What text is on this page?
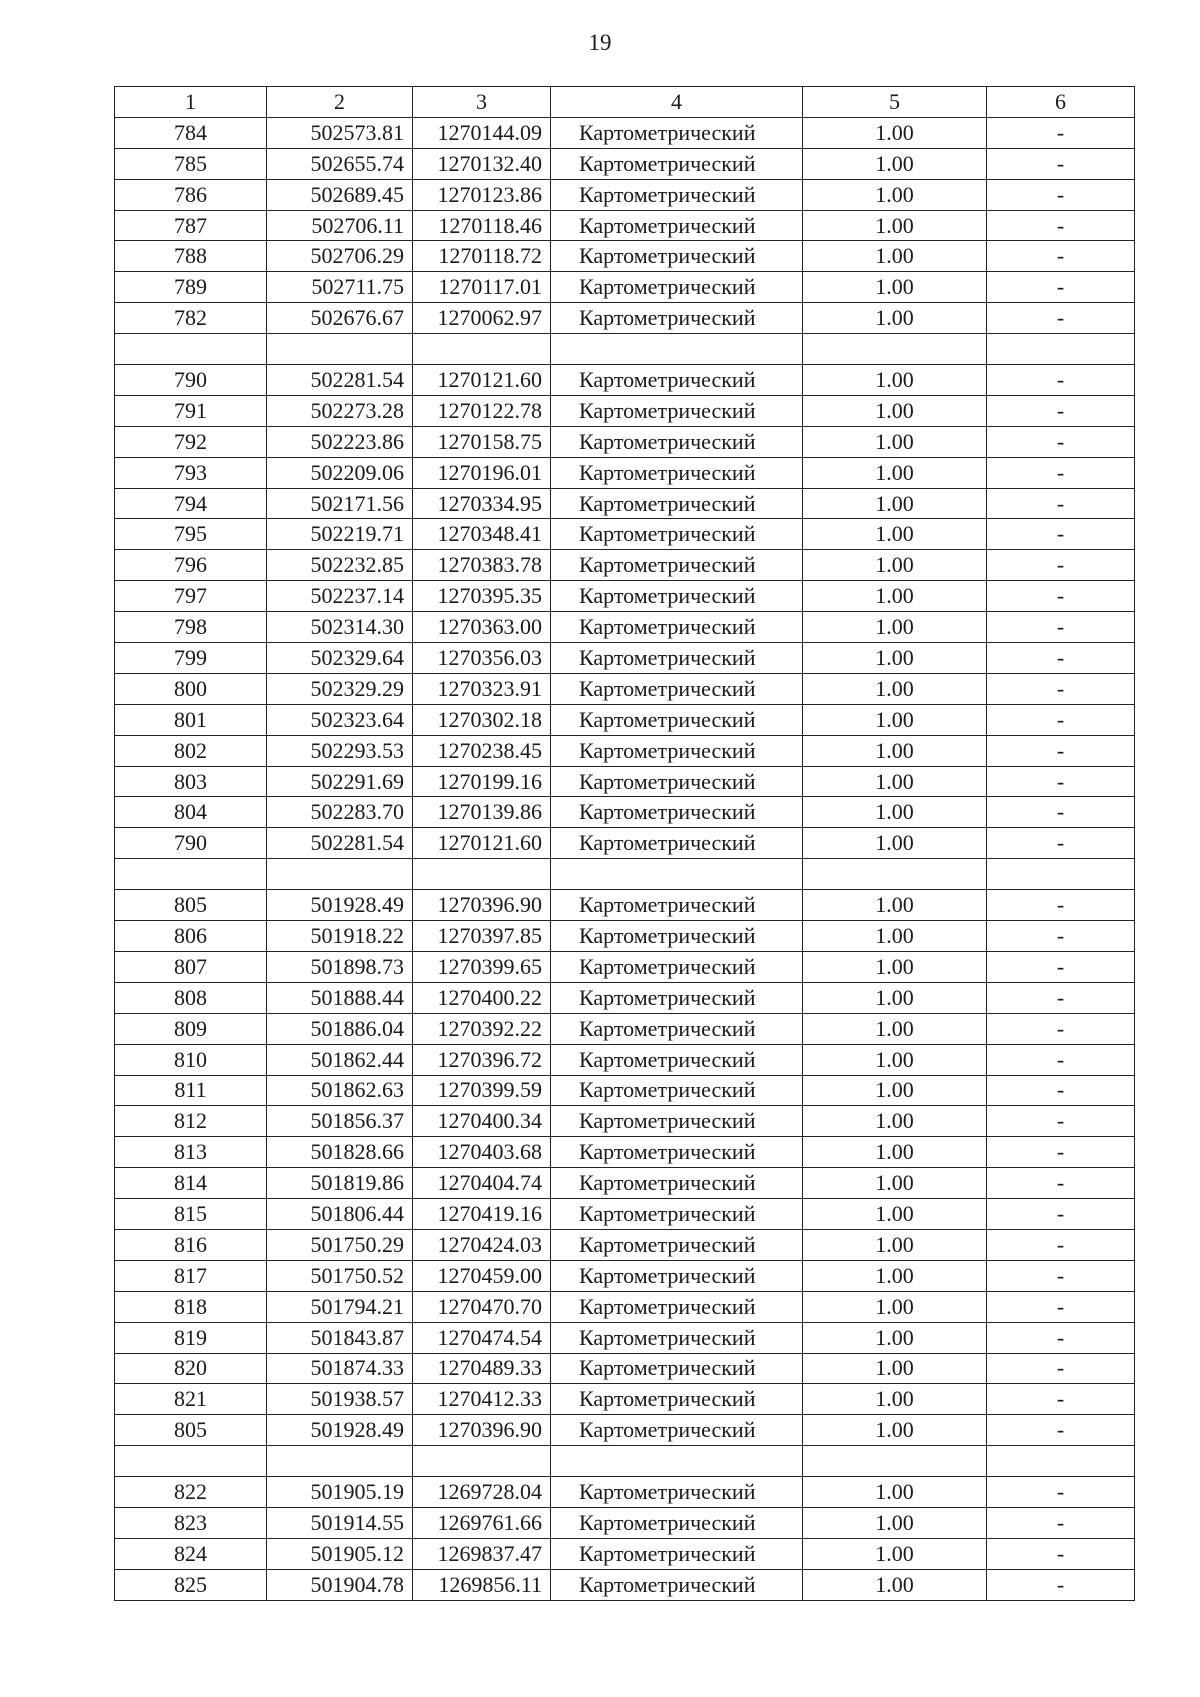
19
1	2	3	4	5	6
784	502573.81	1270144.09	Картометрический	1.00	-
785	502655.74	1270132.40	Картометрический	1.00	-
786	502689.45	1270123.86	Картометрический	1.00	-
787	502706.11	1270118.46	Картометрический	1.00	-
788	502706.29	1270118.72	Картометрический	1.00	-
789	502711.75	1270117.01	Картометрический	1.00	-
782	502676.67	1270062.97	Картометрический	1.00	-

790	502281.54	1270121.60	Картометрический	1.00	-
791	502273.28	1270122.78	Картометрический	1.00	-
792	502223.86	1270158.75	Картометрический	1.00	-
793	502209.06	1270196.01	Картометрический	1.00	-
794	502171.56	1270334.95	Картометрический	1.00	-
795	502219.71	1270348.41	Картометрический	1.00	-
796	502232.85	1270383.78	Картометрический	1.00	-
797	502237.14	1270395.35	Картометрический	1.00	-
798	502314.30	1270363.00	Картометрический	1.00	-
799	502329.64	1270356.03	Картометрический	1.00	-
800	502329.29	1270323.91	Картометрический	1.00	-
801	502323.64	1270302.18	Картометрический	1.00	-
802	502293.53	1270238.45	Картометрический	1.00	-
803	502291.69	1270199.16	Картометрический	1.00	-
804	502283.70	1270139.86	Картометрический	1.00	-
790	502281.54	1270121.60	Картометрический	1.00	-

805	501928.49	1270396.90	Картометрический	1.00	-
806	501918.22	1270397.85	Картометрический	1.00	-
807	501898.73	1270399.65	Картометрический	1.00	-
808	501888.44	1270400.22	Картометрический	1.00	-
809	501886.04	1270392.22	Картометрический	1.00	-
810	501862.44	1270396.72	Картометрический	1.00	-
811	501862.63	1270399.59	Картометрический	1.00	-
812	501856.37	1270400.34	Картометрический	1.00	-
813	501828.66	1270403.68	Картометрический	1.00	-
814	501819.86	1270404.74	Картометрический	1.00	-
815	501806.44	1270419.16	Картометрический	1.00	-
816	501750.29	1270424.03	Картометрический	1.00	-
817	501750.52	1270459.00	Картометрический	1.00	-
818	501794.21	1270470.70	Картометрический	1.00	-
819	501843.87	1270474.54	Картометрический	1.00	-
820	501874.33	1270489.33	Картометрический	1.00	-
821	501938.57	1270412.33	Картометрический	1.00	-
805	501928.49	1270396.90	Картометрический	1.00	-

822	501905.19	1269728.04	Картометрический	1.00	-
823	501914.55	1269761.66	Картометрический	1.00	-
824	501905.12	1269837.47	Картометрический	1.00	-
825	501904.78	1269856.11	Картометрический	1.00	-
